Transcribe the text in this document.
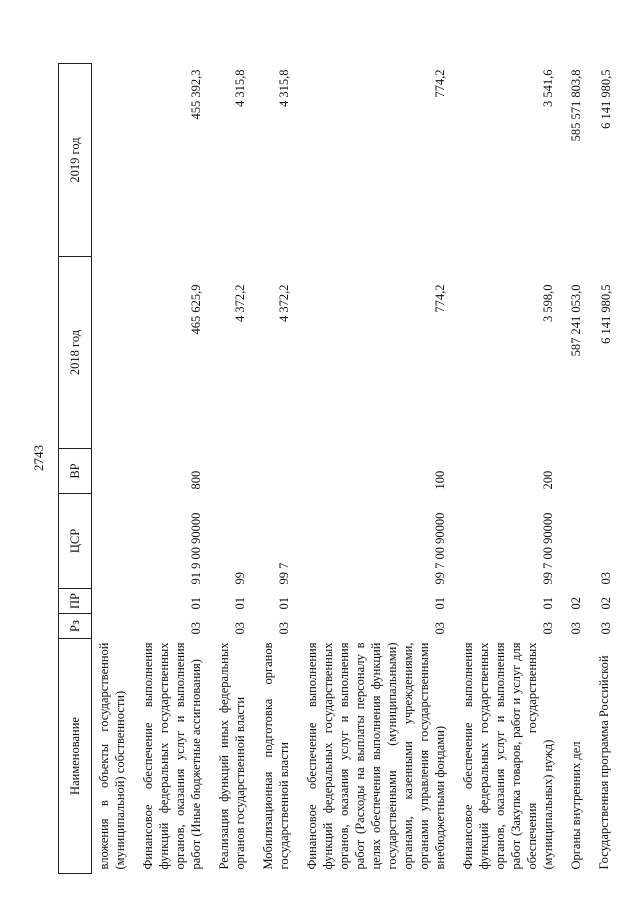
2743
Наименование	Рз	ПР	ЦСР	ВР	2018 год	2019 год
вложения в объекты государственной (муниципальной) собственности)						
Финансовое обеспечение выполнения функций федеральных государственных органов, оказания услуг и выполнения работ (Иные бюджетные ассигнования)	03	01	91 9 00 90000	800	465 625,9	455 392,3
Реализация функций иных федеральных органов государственной власти	03	01	99		4 372,2	4 315,8
Мобилизационная подготовка органов государственной власти	03	01	99 7		4 372,2	4 315,8
Финансовое обеспечение выполнения функций федеральных государственных органов, оказания услуг и выполнения работ (Расходы на выплаты персоналу в целях обеспечения выполнения функций государственными (муниципальными) органами, казенными учреждениями, органами управления государственными внебюджетными фондами)	03	01	99 7 00 90000	100	774,2	774,2
Финансовое обеспечение выполнения функций федеральных государственных органов, оказания услуг и выполнения работ (Закупка товаров, работ и услуг для обеспечения государственных (муниципальных) нужд)	03	01	99 7 00 90000	200	3 598,0	3 541,6
Органы внутренних дел	03	02			587 241 053,0	585 571 803,8
Государственная программа Российской	03	02	03		6 141 980,5	6 141 980,5
